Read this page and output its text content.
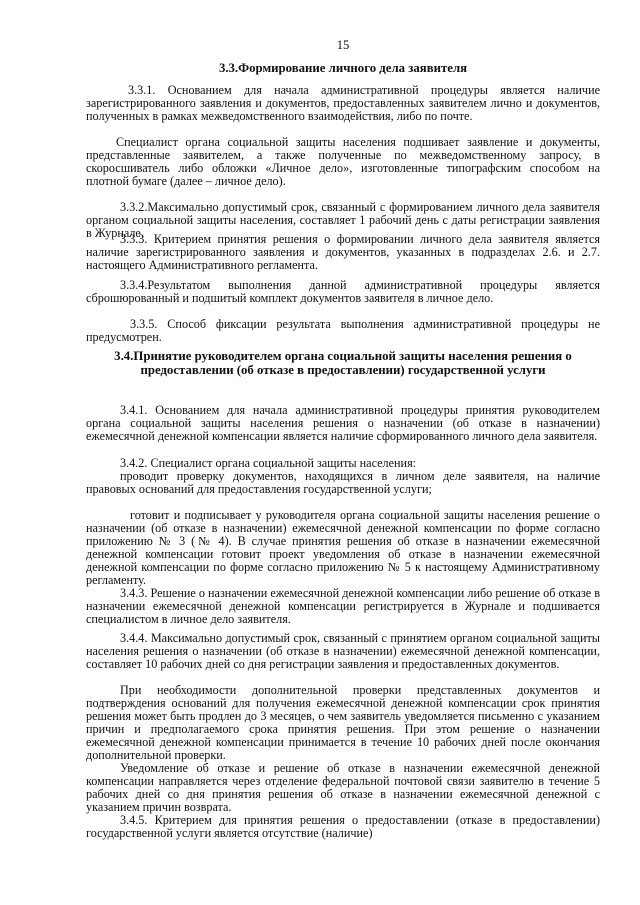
15
3.3.Формирование личного дела заявителя
3.3.1. Основанием для начала административной процедуры является наличие зарегистрированного заявления и документов, предоставленных заявителем лично и документов, полученных в рамках межведомственного взаимодействия, либо по почте.
Специалист органа социальной защиты населения подшивает заявление и документы, представленные заявителем, а также полученные по межведомственному запросу, в скоросшиватель либо обложки «Личное дело», изготовленные типографским способом на плотной бумаге (далее – личное дело).
3.3.2.Максимально допустимый срок, связанный с формированием личного дела заявителя органом социальной защиты населения, составляет 1 рабочий день с даты регистрации заявления в Журнале.
3.3.3. Критерием принятия решения о формировании личного дела заявителя является наличие зарегистрированного заявления и документов, указанных в подразделах 2.6. и 2.7. настоящего Административного регламента.
3.3.4.Результатом выполнения данной административной процедуры является сброшюрованный и подшитый комплект документов заявителя в личное дело.
3.3.5. Способ фиксации результата выполнения административной процедуры не предусмотрен.
3.4.Принятие руководителем органа социальной защиты населения решения о предоставлении (об отказе в предоставлении) государственной услуги
3.4.1. Основанием для начала административной процедуры принятия руководителем органа социальной защиты населения решения о назначении (об отказе в назначении) ежемесячной денежной компенсации является наличие сформированного личного дела заявителя.
3.4.2. Специалист органа социальной защиты населения:
проводит проверку документов, находящихся в личном деле заявителя, на наличие правовых оснований для предоставления государственной услуги;
готовит и подписывает у руководителя органа социальной защиты населения решение о назначении (об отказе в назначении) ежемесячной денежной компенсации по форме согласно приложению № 3 (№ 4). В случае принятия решения об отказе в назначении ежемесячной денежной компенсации готовит проект уведомления об отказе в назначении ежемесячной денежной компенсации по форме согласно приложению № 5 к настоящему Административному регламенту.
3.4.3. Решение о назначении ежемесячной денежной компенсации либо решение об отказе в назначении ежемесячной денежной компенсации регистрируется в Журнале и подшивается специалистом в личное дело заявителя.
3.4.4. Максимально допустимый срок, связанный с принятием органом социальной защиты населения решения о назначении (об отказе в назначении) ежемесячной денежной компенсации, составляет 10 рабочих дней со дня регистрации заявления и предоставленных документов.
При необходимости дополнительной проверки представленных документов и подтверждения оснований для получения ежемесячной денежной компенсации срок принятия решения может быть продлен до 3 месяцев, о чем заявитель уведомляется письменно с указанием причин и предполагаемого срока принятия решения. При этом решение о назначении ежемесячной денежной компенсации принимается в течение 10 рабочих дней после окончания дополнительной проверки.
Уведомление об отказе и решение об отказе в назначении ежемесячной денежной компенсации направляется через отделение федеральной почтовой связи заявителю в течение 5 рабочих дней со дня принятия решения об отказе в назначении ежемесячной денежной с указанием причин возврата.
3.4.5. Критерием для принятия решения о предоставлении (отказе в предоставлении) государственной услуги является отсутствие (наличие)
